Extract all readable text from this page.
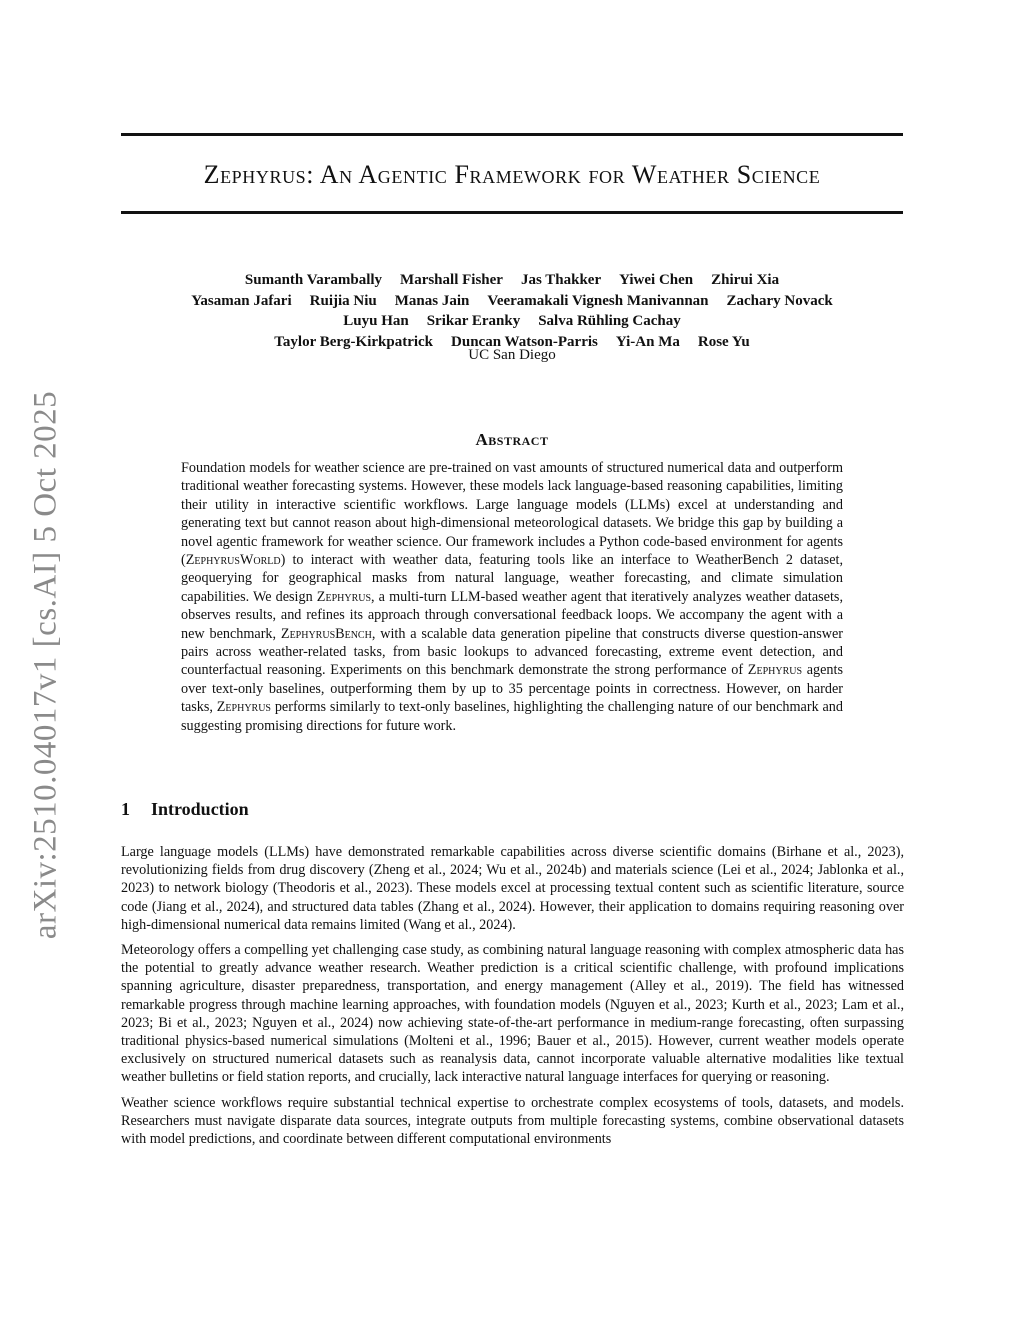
arXiv:2510.04017v1 [cs.AI] 5 Oct 2025
Zephyrus: An Agentic Framework for Weather Science
Sumanth Varambally Marshall Fisher Jas Thakker Yiwei Chen Zhirui Xia
Yasaman Jafari Ruijia Niu Manas Jain Veeramakali Vignesh Manivannan Zachary Novack
Luyu Han Srikar Eranky Salva Rühling Cachay
Taylor Berg-Kirkpatrick Duncan Watson-Parris Yi-An Ma Rose Yu
UC San Diego
Abstract
Foundation models for weather science are pre-trained on vast amounts of structured numerical data and outperform traditional weather forecasting systems. However, these models lack language-based reasoning capabilities, limiting their utility in interactive scientific workflows. Large language models (LLMs) excel at understanding and generating text but cannot reason about high-dimensional meteorological datasets. We bridge this gap by building a novel agentic framework for weather science. Our framework includes a Python code-based environment for agents (ZephyrusWorld) to interact with weather data, featuring tools like an interface to WeatherBench 2 dataset, geoquerying for geographical masks from natural language, weather forecasting, and climate simulation capabilities. We design Zephyrus, a multi-turn LLM-based weather agent that iteratively analyzes weather datasets, observes results, and refines its approach through conversational feedback loops. We accompany the agent with a new benchmark, ZephyrusBench, with a scalable data generation pipeline that constructs diverse question-answer pairs across weather-related tasks, from basic lookups to advanced forecasting, extreme event detection, and counterfactual reasoning. Experiments on this benchmark demonstrate the strong performance of Zephyrus agents over text-only baselines, outperforming them by up to 35 percentage points in correctness. However, on harder tasks, Zephyrus performs similarly to text-only baselines, highlighting the challenging nature of our benchmark and suggesting promising directions for future work.
1 Introduction

Large language models (LLMs) have demonstrated remarkable capabilities across diverse scientific domains (Birhane et al., 2023), revolutionizing fields from drug discovery (Zheng et al., 2024; Wu et al., 2024b) and materials science (Lei et al., 2024; Jablonka et al., 2023) to network biology (Theodoris et al., 2023). These models excel at processing textual content such as scientific literature, source code (Jiang et al., 2024), and structured data tables (Zhang et al., 2024). However, their application to domains requiring reasoning over high-dimensional numerical data remains limited (Wang et al., 2024).

Meteorology offers a compelling yet challenging case study, as combining natural language reasoning with complex atmospheric data has the potential to greatly advance weather research. Weather prediction is a critical scientific challenge, with profound implications spanning agriculture, disaster preparedness, transportation, and energy management (Alley et al., 2019). The field has witnessed remarkable progress through machine learning approaches, with foundation models (Nguyen et al., 2023; Kurth et al., 2023; Lam et al., 2023; Bi et al., 2023; Nguyen et al., 2024) now achieving state-of-the-art performance in medium-range forecasting, often surpassing traditional physics-based numerical simulations (Molteni et al., 1996; Bauer et al., 2015). However, current weather models operate exclusively on structured numerical datasets such as reanalysis data, cannot incorporate valuable alternative modalities like textual weather bulletins or field station reports, and crucially, lack interactive natural language interfaces for querying or reasoning.

Weather science workflows require substantial technical expertise to orchestrate complex ecosystems of tools, datasets, and models. Researchers must navigate disparate data sources, integrate outputs from multiple forecasting systems, combine observational datasets with model predictions, and coordinate between different computational environments
